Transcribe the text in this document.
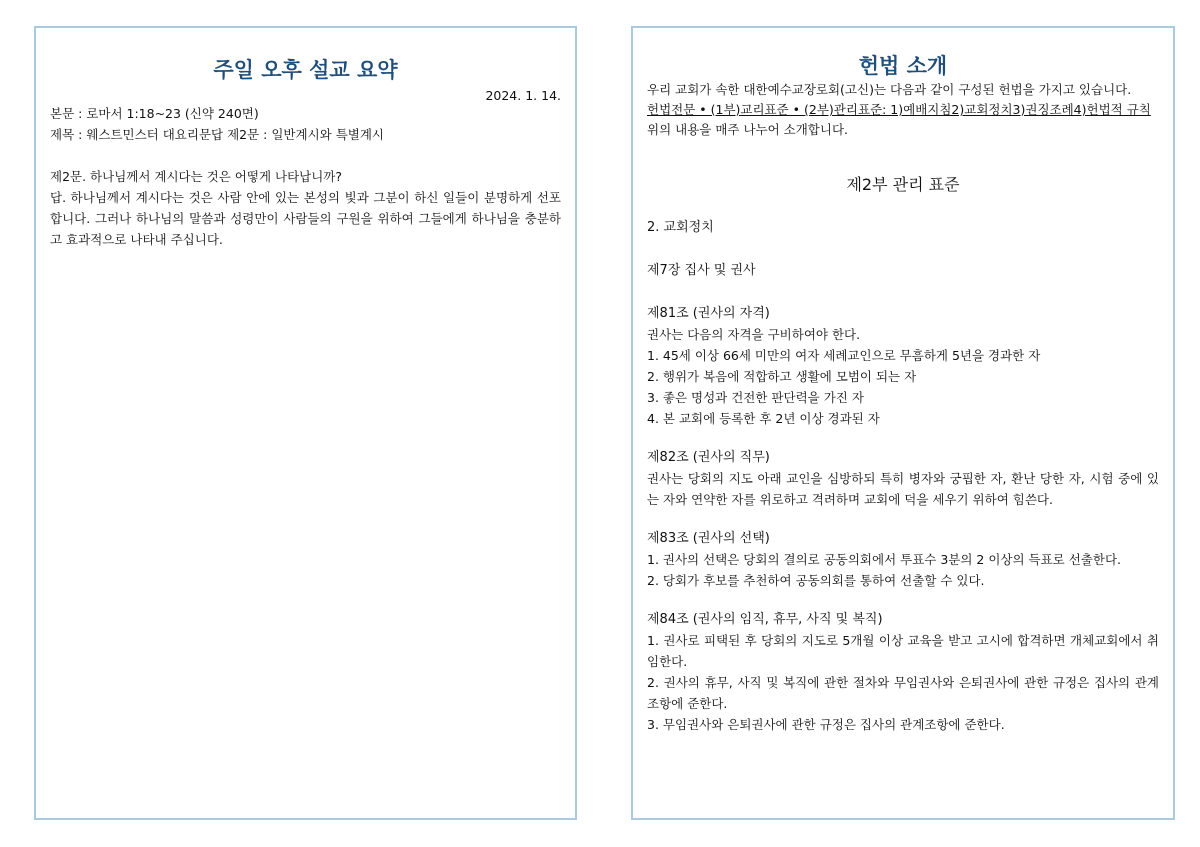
주일 오후 설교 요약
2024. 1. 14.
본문 : 로마서 1:18~23 (신약 240면)
제목 : 웨스트민스터 대요리문답 제2문 : 일반계시와 특별계시
제2문. 하나님께서 계시다는 것은 어떻게 나타납니까?
답. 하나님께서 계시다는 것은 사람 안에 있는 본성의 빛과 그분이 하신 일들이 분명하게 선포합니다. 그러나 하나님의 말씀과 성령만이 사람들의 구원을 위하여 그들에게 하나님을 충분하고 효과적으로 나타내 주십니다.
헌법 소개
우리 교회가 속한 대한예수교장로회(고신)는 다음과 같이 구성된 헌법을 가지고 있습니다.
헌법전문 • (1부)교리표준 • (2부)관리표준: 1)예배지침2)교회정치3)권징조례4)헌법적 규칙
위의 내용을 매주 나누어 소개합니다.
제2부 관리 표준
2. 교회정치
제7장 집사 및 권사
제81조 (권사의 자격)
권사는 다음의 자격을 구비하여야 한다.
1. 45세 이상 66세 미만의 여자 세례교인으로 무흠하게 5년을 경과한 자
2. 행위가 복음에 적합하고 생활에 모범이 되는 자
3. 좋은 명성과 건전한 판단력을 가진 자
4. 본 교회에 등록한 후 2년 이상 경과된 자
제82조 (권사의 직무)
권사는 당회의 지도 아래 교인을 심방하되 특히 병자와 궁핍한 자, 환난 당한 자, 시험 중에 있는 자와 연약한 자를 위로하고 격려하며 교회에 덕을 세우기 위하여 힘쓴다.
제83조 (권사의 선택)
1. 권사의 선택은 당회의 결의로 공동의회에서 투표수 3분의 2 이상의 득표로 선출한다.
2. 당회가 후보를 추천하여 공동의회를 통하여 선출할 수 있다.
제84조 (권사의 임직, 휴무, 사직 및 복직)
1. 권사로 피택된 후 당회의 지도로 5개월 이상 교육을 받고 고시에 합격하면 개체교회에서 취임한다.
2. 권사의 휴무, 사직 및 복직에 관한 절차와 무임권사와 은퇴권사에 관한 규정은 집사의 관계조항에 준한다.
3. 무임권사와 은퇴권사에 관한 규정은 집사의 관계조항에 준한다.
